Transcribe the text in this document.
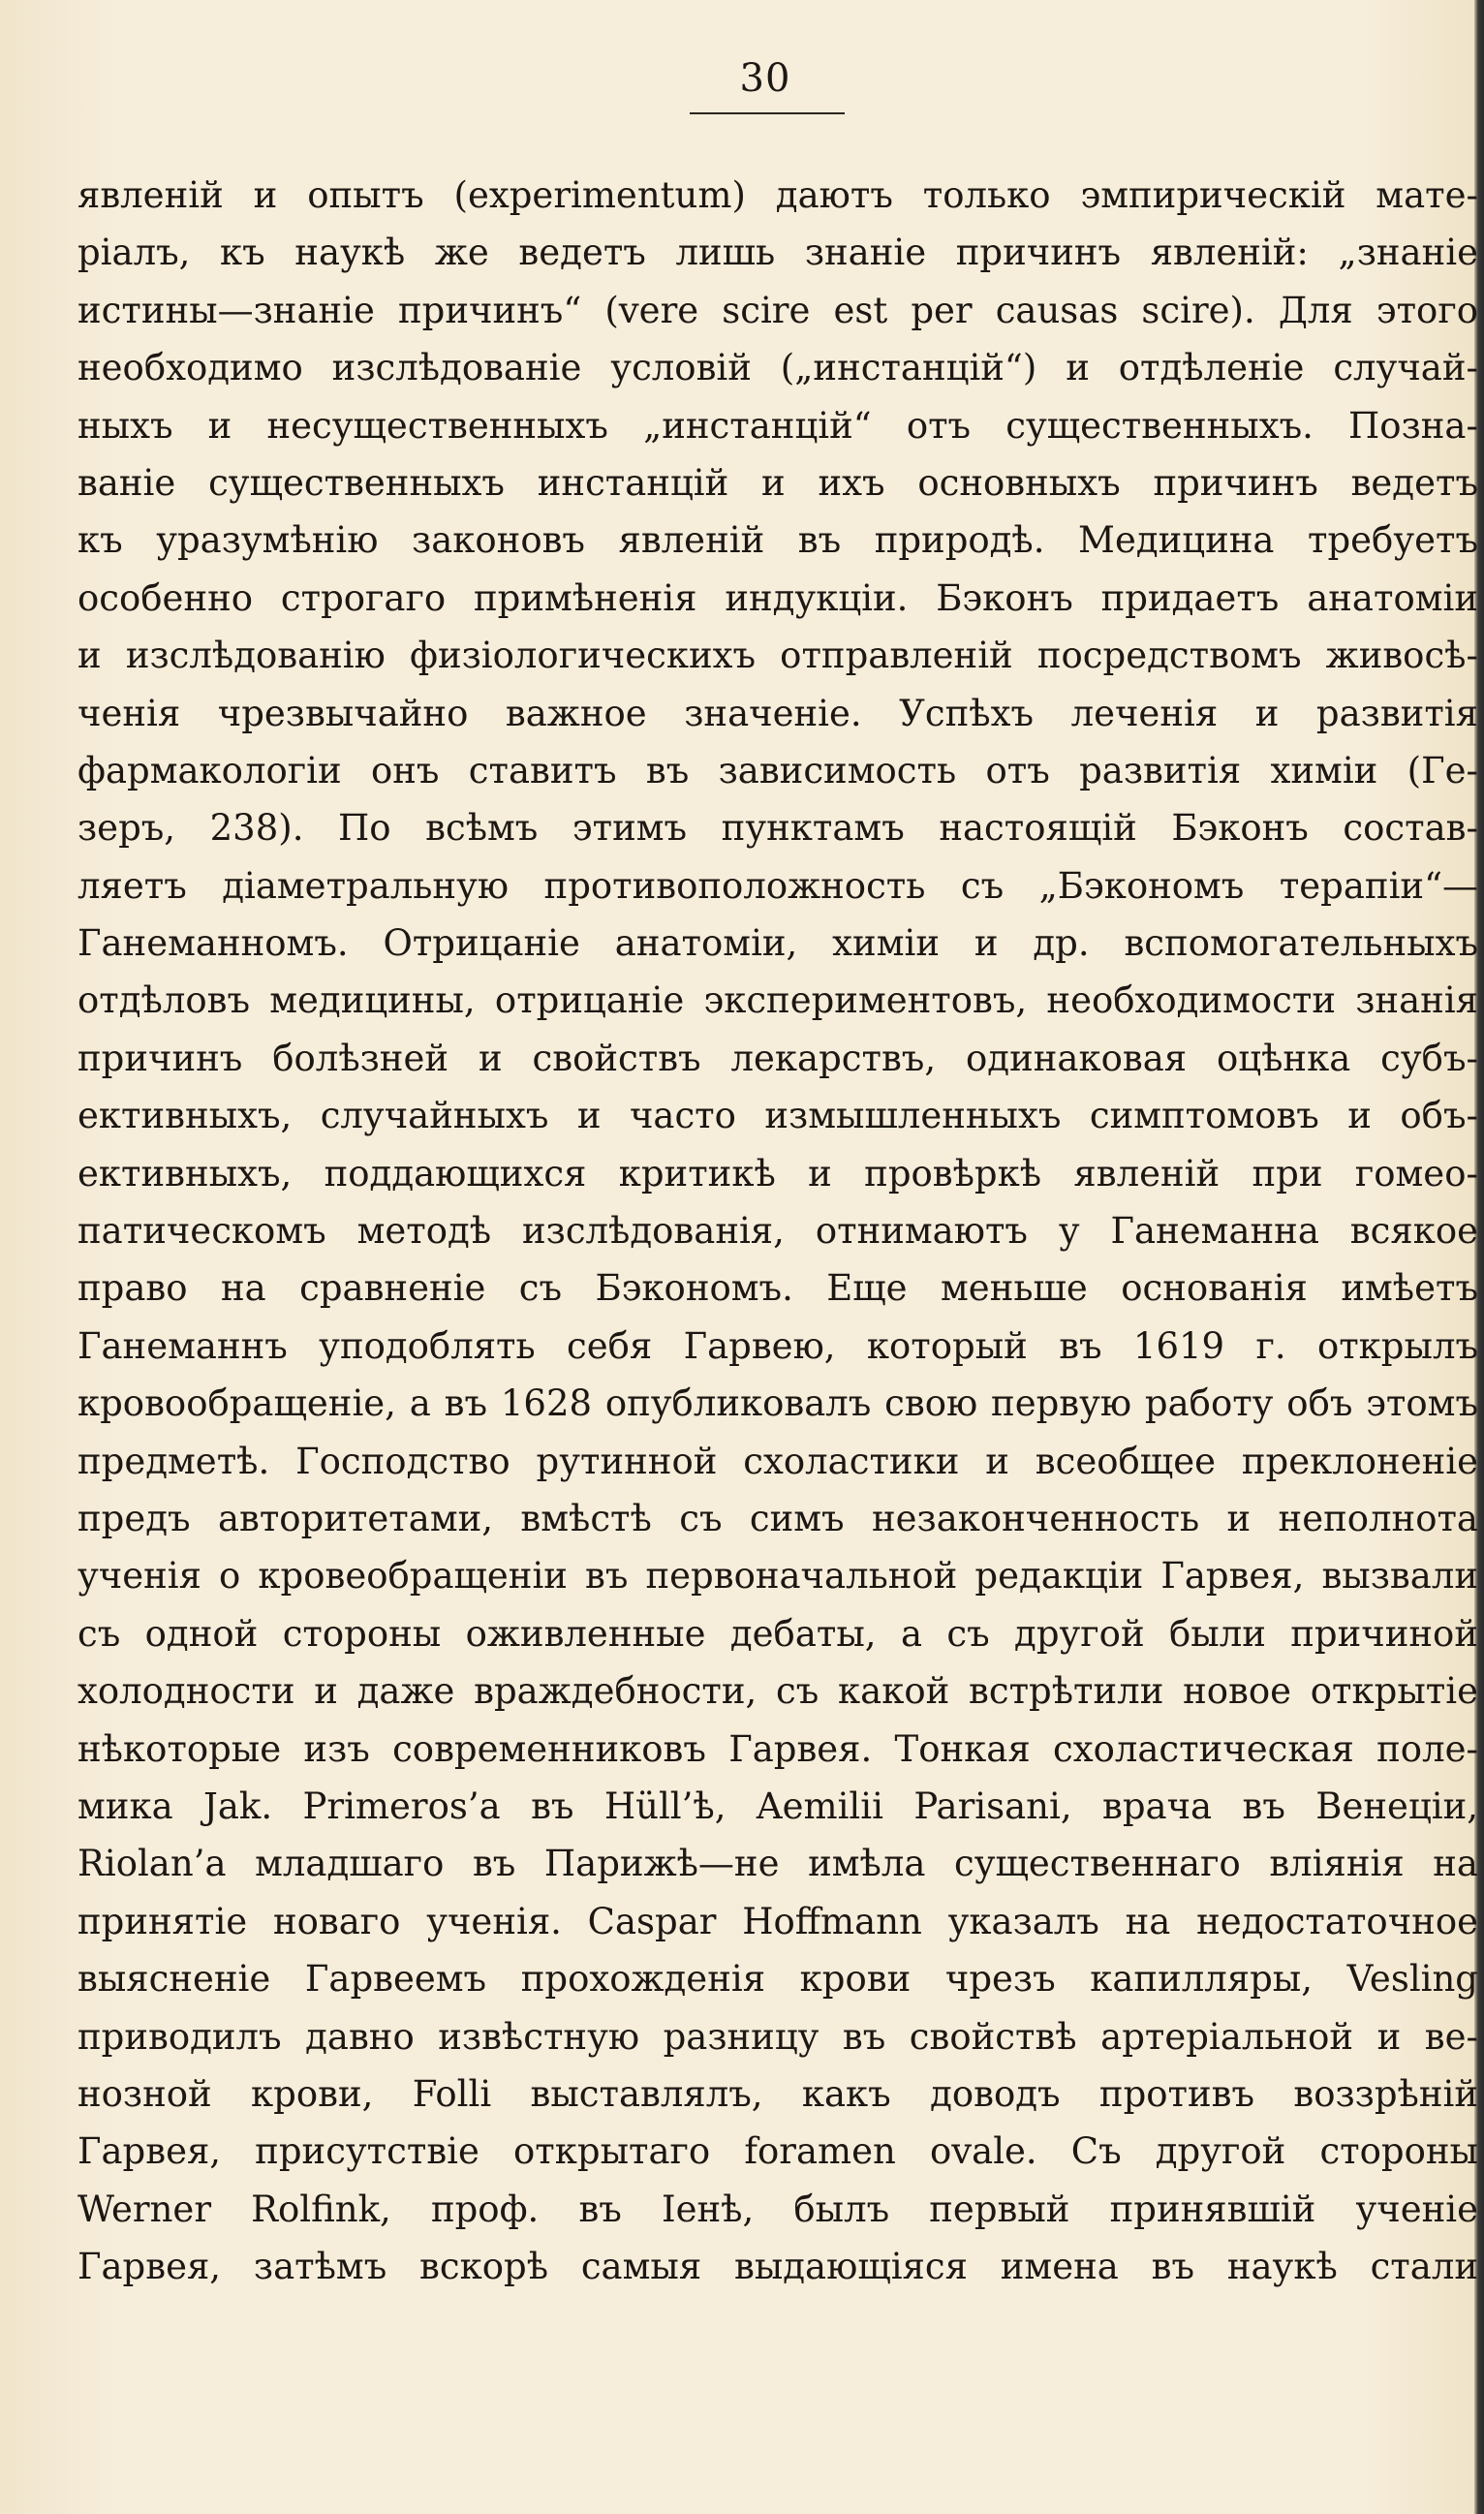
30
явленій и опытъ (experimentum) даютъ только эмпирическій мате-
ріалъ, къ наукѣ же ведетъ лишь знаніе причинъ явленій: „знаніе
истины—знаніе причинъ“ (vere scire est per causas scire). Для этого
необходимо изслѣдованіе условій („инстанцій“) и отдѣленіе случай-
ныхъ и несущественныхъ „инстанцій“ отъ существенныхъ. Позна-
ваніе существенныхъ инстанцій и ихъ основныхъ причинъ ведетъ
къ уразумѣнію законовъ явленій въ природѣ. Медицина требуетъ
особенно строгаго примѣненія индукціи. Бэконъ придаетъ анатоміи
и изслѣдованію физіологическихъ отправленій посредствомъ живосѣ-
ченія чрезвычайно важное значеніе. Успѣхъ леченія и развитія
фармакологіи онъ ставитъ въ зависимость отъ развитія химіи (Ге-
зеръ, 238). По всѣмъ этимъ пунктамъ настоящій Бэконъ состав-
ляетъ діаметральную противоположность съ „Бэкономъ терапіи“—
Ганеманномъ. Отрицаніе анатоміи, химіи и др. вспомогательныхъ
отдѣловъ медицины, отрицаніе экспериментовъ, необходимости знанія
причинъ болѣзней и свойствъ лекарствъ, одинаковая оцѣнка субъ-
ективныхъ, случайныхъ и часто измышленныхъ симптомовъ и объ-
ективныхъ, поддающихся критикѣ и провѣркѣ явленій при гомео-
патическомъ методѣ изслѣдованія, отнимаютъ у Ганеманна всякое
право на сравненіе съ Бэкономъ. Еще меньше основанія имѣетъ
Ганеманнъ уподоблять себя Гарвею, который въ 1619 г. открылъ
кровообращеніе, а въ 1628 опубликовалъ свою первую работу объ этомъ
предметѣ. Господство рутинной схоластики и всеобщее преклоненіе
предъ авторитетами, вмѣстѣ съ симъ незаконченность и неполнота
ученія о кровеобращеніи въ первоначальной редакціи Гарвея, вызвали
съ одной стороны оживленные дебаты, а съ другой были причиной
холодности и даже враждебности, съ какой встрѣтили новое открытіе
нѣкоторые изъ современниковъ Гарвея. Тонкая схоластическая поле-
мика Jak. Primeros’а въ Hüll’ѣ, Aemilii Parisani, врача въ Венеціи,
Riolan’а младшаго въ Парижѣ—не имѣла существеннаго вліянія на
принятіе новаго ученія. Caspar Hoffmann указалъ на недостаточное
выясненіе Гарвеемъ прохожденія крови чрезъ капилляры, Vesling
приводилъ давно извѣстную разницу въ свойствѣ артеріальной и ве-
нозной крови, Folli выставлялъ, какъ доводъ противъ воззрѣній
Гарвея, присутствіе открытаго foramen ovale. Съ другой стороны
Werner Rolfink, проф. въ Іенѣ, былъ первый принявшій ученіе
Гарвея, затѣмъ вскорѣ самыя выдающіяся имена въ наукѣ стали
